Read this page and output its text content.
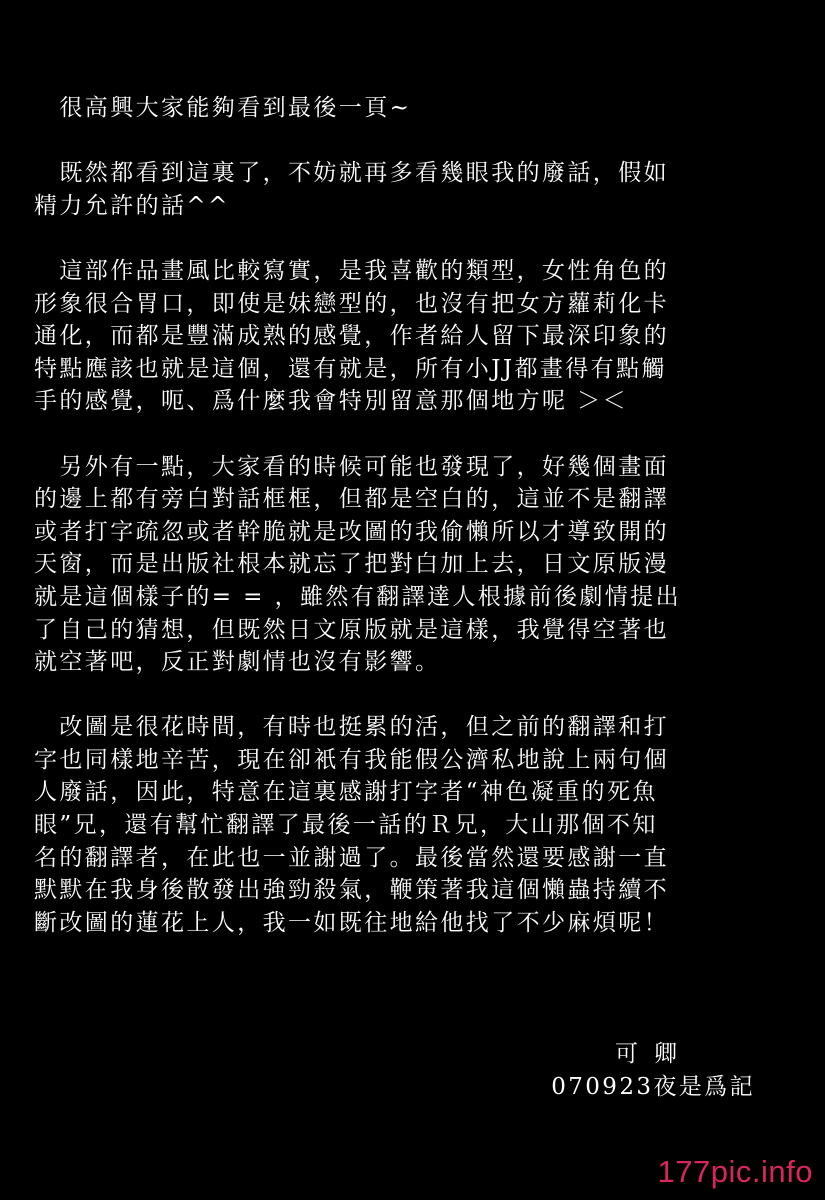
　很高興大家能夠看到最後一頁~

　既然都看到這裏了，不妨就再多看幾眼我的廢話，假如
精力允許的話^^

　這部作品畫風比較寫實，是我喜歡的類型，女性角色的
形象很合胃口，即使是妹戀型的，也沒有把女方蘿莉化卡
通化，而都是豐滿成熟的感覺，作者給人留下最深印象的
特點應該也就是這個，還有就是，所有小JJ都畫得有點觸
手的感覺，呃、爲什麼我會特別留意那個地方呢 ＞＜

　另外有一點，大家看的時候可能也發現了，好幾個畫面
的邊上都有旁白對話框框，但都是空白的，這並不是翻譯
或者打字疏忽或者幹脆就是改圖的我偷懶所以才導致開的
天窗，而是出版社根本就忘了把對白加上去，日文原版漫
就是這個樣子的= = ，雖然有翻譯達人根據前後劇情提出
了自己的猜想，但既然日文原版就是這樣，我覺得空著也
就空著吧，反正對劇情也沒有影響。

　改圖是很花時間，有時也挺累的活，但之前的翻譯和打
字也同樣地辛苦，現在卻衹有我能假公濟私地說上兩句個
人廢話，因此，特意在這裏感謝打字者“神色凝重的死魚
眼”兄，還有幫忙翻譯了最後一話的Ｒ兄，大山那個不知
名的翻譯者，在此也一並謝過了。最後當然還要感謝一直
默默在我身後散發出強勁殺氣，鞭策著我這個懶蟲持續不
斷改圖的蓮花上人，我一如既往地給他找了不少麻煩呢！

可卿
070923夜是爲記
177pic.info
